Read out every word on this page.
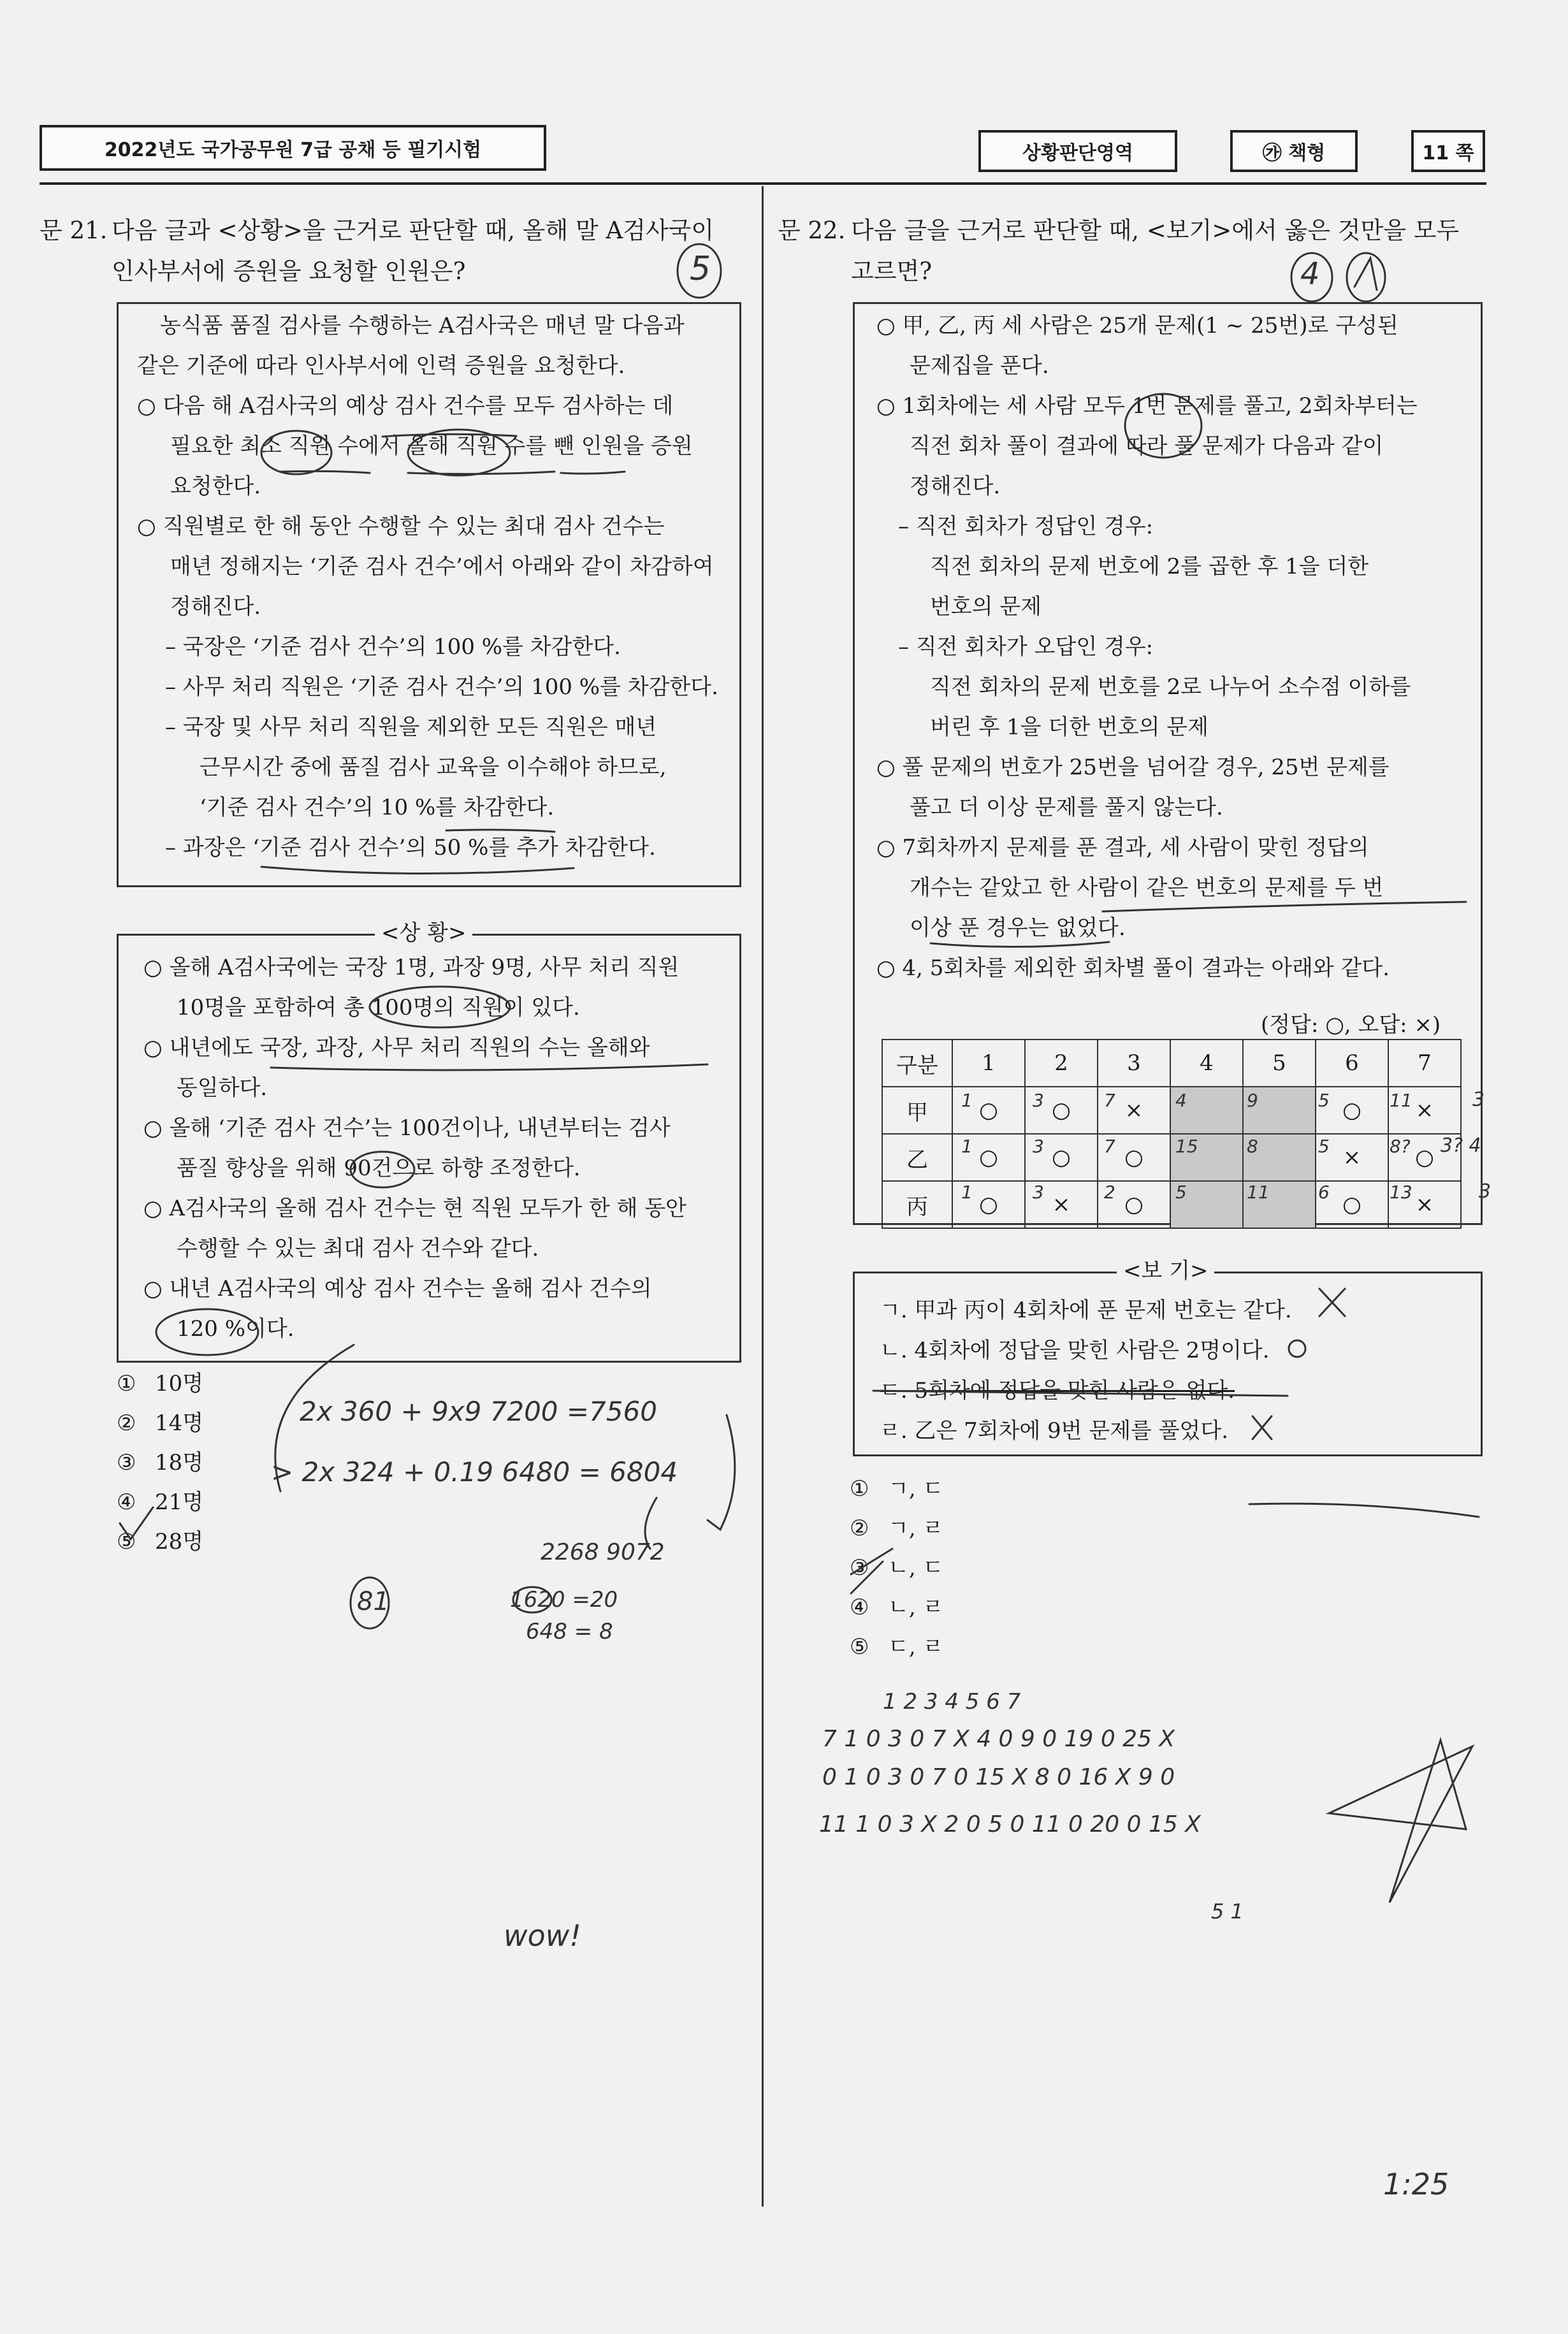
2022년도 국가공무원 7급 공채 등 필기시험	상황판단영역	㉮ 책형	11 쪽
문 21. 다음 글과 <상황>을 근거로 판단할 때, 올해 말 A검사국이
인사부서에 증원을 요청할 인원은?
농식품 품질 검사를 수행하는 A검사국은 매년 말 다음과
같은 기준에 따라 인사부서에 인력 증원을 요청한다.
○ 다음 해 A검사국의 예상 검사 건수를 모두 검사하는 데
필요한 최소 직원 수에서 올해 직원 수를 뺀 인원을 증원
요청한다.
○ 직원별로 한 해 동안 수행할 수 있는 최대 검사 건수는
매년 정해지는 ‘기준 검사 건수’에서 아래와 같이 차감하여
정해진다.
– 국장은 ‘기준 검사 건수’의 100 %를 차감한다.
– 사무 처리 직원은 ‘기준 검사 건수’의 100 %를 차감한다.
– 국장 및 사무 처리 직원을 제외한 모든 직원은 매년
근무시간 중에 품질 검사 교육을 이수해야 하므로,
‘기준 검사 건수’의 10 %를 차감한다.
– 과장은 ‘기준 검사 건수’의 50 %를 추가 차감한다.
<상 황>
○ 올해 A검사국에는 국장 1명, 과장 9명, 사무 처리 직원
10명을 포함하여 총 100명의 직원이 있다.
○ 내년에도 국장, 과장, 사무 처리 직원의 수는 올해와
동일하다.
○ 올해 ‘기준 검사 건수’는 100건이나, 내년부터는 검사
품질 향상을 위해 90건으로 하향 조정한다.
○ A검사국의 올해 검사 건수는 현 직원 모두가 한 해 동안
수행할 수 있는 최대 검사 건수와 같다.
○ 내년 A검사국의 예상 검사 건수는 올해 검사 건수의
120 %이다.
① 10명
② 14명
③ 18명
④ 21명
⑤ 28명
문 22. 다음 글을 근거로 판단할 때, <보기>에서 옳은 것만을 모두
고르면?
○ 甲, 乙, 丙 세 사람은 25개 문제(1 ~ 25번)로 구성된
문제집을 푼다.
○ 1회차에는 세 사람 모두 1번 문제를 풀고, 2회차부터는
직전 회차 풀이 결과에 따라 풀 문제가 다음과 같이
정해진다.
– 직전 회차가 정답인 경우:
직전 회차의 문제 번호에 2를 곱한 후 1을 더한
번호의 문제
– 직전 회차가 오답인 경우:
직전 회차의 문제 번호를 2로 나누어 소수점 이하를
버린 후 1을 더한 번호의 문제
○ 풀 문제의 번호가 25번을 넘어갈 경우, 25번 문제를
풀고 더 이상 문제를 풀지 않는다.
○ 7회차까지 문제를 푼 결과, 세 사람이 맞힌 정답의
개수는 같았고 한 사람이 같은 번호의 문제를 두 번
이상 푼 경우는 없었다.
○ 4, 5회차를 제외한 회차별 풀이 결과는 아래와 같다.
(정답: ○, 오답: ×)
구분	1	2	3	4	5	6	7
甲	○	○	×			○	×
乙	○	○	○			×	○
丙	○	×	○			○	×
<보 기>
ㄱ. 甲과 丙이 4회차에 푼 문제 번호는 같다.
ㄴ. 4회차에 정답을 맞힌 사람은 2명이다.
ㄷ. 5회차에 정답을 맞힌 사람은 없다.
ㄹ. 乙은 7회차에 9번 문제를 풀었다.
① ㄱ, ㄷ
② ㄱ, ㄹ
③ ㄴ, ㄷ
④ ㄴ, ㄹ
⑤ ㄷ, ㄹ
5
2x 360 + 9x9 7200 =7560
> 2x 324 + 0.19 6480 = 6804
2268 9072
81	1620 =20
648 = 8
wow!
4
1	3	7	4	9	5	11
1	3	7	15	8	5	8?
1	3	2	5	11	6	13
3
3? 4
3
1 2 3 4 5 6 7
7 1 0 3 0 7 X 4 0 9 0 19 0 25 X
0 1 0 3 0 7 0 15 X 8 0 16 X 9 0
11 1 0 3 X 2 0 5 0 11 0 20 0 15 X
5 1
1:25
